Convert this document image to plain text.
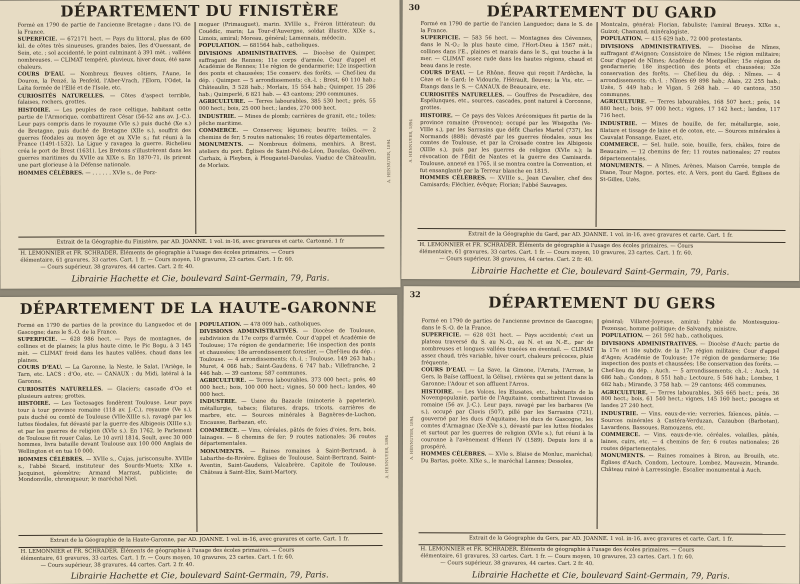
DÉPARTEMENT DU FINISTÈRE

Formé en 1790 de partie de l'ancienne Bretagne ; dans l'O. de la France.

SUPERFICIE. — 672171 hect. — Pays du littoral, plus de 600 kil. de côtes très sinueuses, grandes baies, îles d'Ouessant, de Sein, etc. ; sol accidenté, le point culminant à 391 mèt. ; vallées nombreuses. — CLIMAT tempéré, pluvieux, hiver doux, été sans chaleurs.

COURS D'EAU. — Nombreux fleuves côtiers, l'Aune, le Douron, la Penzé, la Penfeld, l'Aber-Vrach, l'Elorn, l'Odet, la Laïta formée de l'Ellé et de l'Isole, etc.

CURIOSITÉS NATURELLES. — Côtes d'aspect terrible, falaises, rochers, grottes.

HISTOIRE. — Les peuples de race celtique, habitant cette partie de l'Armorique, combattirent César (56-52 ans av. J.-C.). Leur pays compris dans le royaume (VIe s.) puis duché (Xe s.) de Bretagne, puis duché de Bretagne (XIIe s.), souffrit des guerres féodales au moyen âge et au XVIe s.; fut réuni à la France (1491-1532). La Ligue y ravagea la guerre. Richelieu créa le port de Brest (1631). Les Bretons s'illustrèrent dans les guerres maritimes du XVIIe au XIXe s. En 1870-71, ils prirent une part glorieuse à la Défense nationale.

HOMMES CÉLÈBRES. — . . . . . . XVIe s., de Porz-

moguer (Primauguet), marin. XVIIIe s., Fréron littérateur; du Couëdic, marin; La Tour-d'Auvergne, soldat illustre. XIXe s., Limoix, amiral; Moreau, général; Lamennais, médecin.

POPULATION. — 681564 hab., catholiques.

DIVISIONS ADMINISTRATIVES. — Diocèse de Quimper, suffragant de Rennes; 11e corps d'armée. Cour d'appel et Académie de Rennes; 11e région de gendarmerie; 12e inspection des ponts et chaussées; 15e conserv. des forêts. — Chef-lieu du dép. : Quimper. — 5 arrondissements; ch.-l. : Brest, 60 110 hab.; Châteaulin, 3 528 hab.; Morlaix, 15 554 hab.; Quimper, 15 286 hab.; Quimperlé, 6 821 hab. — 43 cantons; 290 communes.

AGRICULTURE. — Terres labourables, 385 530 hect.; prés, 55 000 hect.; bois, 25 000 hect.; landes, 270 000 hect.

INDUSTRIE. — Mines de plomb; carrières de granit, etc.; toiles; pêche maritime.

COMMERCE. — Conserves; légumes; beurre; toiles. — 2 chemins de fer; 5 routes nationales; 16 routes départementales.

MONUMENTS. — Nombreux dolmens, menhirs. A Brest, ateliers du port. Églises de Saint-Pol-de-Léon, Daoulas, Goëlven, Carhaix, à Pleyben, à Plougastel-Daoulas. Viaduc de Châteaulin, de Morlaix.	A. HENNUYER, 1894
Extrait de la Géographie du Finistère, par AD. JOANNE. 1 vol. in-16, avec gravures et carte. Cartonné. 1 fr
H. LEMONNIER et FR. SCHRADER. Éléments de géographie à l'usage des écoles primaires. — Cours
élémentaire, 61 gravures, 33 cartes. Cart. 1 fr. — Cours moyen, 10 gravures, 23 cartes. Cart. 1 fr. 60.
— Cours supérieur, 38 gravures, 44 cartes. Cart. 2 fr. 40.
Librairie Hachette et Cie, boulevard Saint-Germain, 79, Paris.
30	DÉPARTEMENT DU GARD

Formé en 1790 de partie de l'ancien Languedoc; dans le S. de la France.

SUPERFICIE. — 583 56 hect. — Montagnes des Cévennes, dans le N.-O.; la plus haute cime, l'Hort-Dieu à 1567 mèt.; collines dans l'E., plaines et marais dans le S., qui touche à la mer. — CLIMAT assez rude dans les hautes régions, chaud et beau dans le reste.

COURS D'EAU. — Le Rhône, fleuve qui reçoit l'Ardèche, la Cèze et le Gard; le Vidourle, l'Hérault, fleuves; la Vis, etc. — Étangs dans le S. — CANAUX de Beaucaire, etc.

CURIOSITÉS NATURELLES. — Gouffres de Pescadière, des Espélunques, etc., sources, cascades, pont naturel à Corconne, grottes.

HISTOIRE. — Ce pays des Volces Arécomiques fit partie de la province romaine (Provence); occupé par les Wisigoths (Ve-VIIIe s.), par les Sarrasins que défit Charles Martel (737), les Normands (888); dévasté par les guerres féodales, sous les comtes de Toulouse, et par la Croisade contre les Albigeois (XIIIe s.), puis par les guerres de religion (XVIe s.); la révocation de l'Édit de Nantes et la guerre des Camisards. Toulouse, annexé en 1765, il se montra contre la Convention, et fut ensanglanté par la Terreur blanche en 1815.

HOMMES CÉLÈBRES. — XVIIIe s., Jean Cavalier, chef des Camisards; Fléchier, évêque; Florian; l'abbé Sauvages.

Montcalm, général; Florian, fabuliste; l'amiral Brueys. XIXe s., Guizot; Chamand, minéralogiste.

POPULATION. — 415 629 hab., 72 000 protestants.

DIVISIONS ADMINISTRATIVES. — Diocèse de Nîmes, suffragant d'Avignon; Consistoire de Nîmes; 15e région militaire; Cour d'appel de Nîmes; Académie de Montpellier; 15e région de gendarmerie; 18e inspection des ponts et chaussées; 32e conservation des forêts. — Chef-lieu du dép. : Nîmes. — 4 arrondissements; ch.-l. : Nîmes 69 898 hab.; Alais, 22 255 hab.; Uzès, 5 449 hab.; le Vigan, 5 268 hab. — 40 cantons, 350 communes.

AGRICULTURE. — Terres labourables, 168 507 hect.; prés, 14 880 hect.; bois, 97 000 hect.; vignes, 17 142 hect.; landes, 117 716 hect.

INDUSTRIE. — Mines de houille, de fer, métallurgie, soie, filature et tissage de laine et de coton, etc. — Sources minérales à Cauvalat Fonsange, Euzet, etc.

COMMERCE. — Sel, huile, soie, houille, fers, châles, foire de Beaucaire. — 12 chemins de fer; 11 routes nationales; 27 routes départementales.

MONUMENTS. — A Nîmes, Arènes, Maison Carrée, temple de Diane, Tour Magne, portes, etc. A Vers, pont du Gard. Églises de St-Gilles, Uzès.

A. HENNUYER, 1894
Extrait de la Géographie du Gard, par AD. JOANNE. 1 vol. in-16, avec gravures et carte. Cart. 1 fr.
H. LEMONNIER et FR. SCHRADER. Éléments de géographie à l'usage des écoles primaires. — Cours
élémentaire, 61 gravures, 33 cartes. Cart. 1 fr. — Cours moyen, 10 gravures, 23 cartes. Cart. 1 fr. 60.
— Cours supérieur, 38 gravures, 44 cartes. Cart. 2 fr. 40.
Librairie Hachette et Cie, boulevard Saint-Germain, 79, Paris.
DÉPARTEMENT DE LA HAUTE-GARONNE

Formé en 1790 de parties de la province du Languedoc et de Gascogne; dans le S.-O. de la France.

SUPERFICIE. — 628 986 hect. — Pays de montagnes, de collines et de plaines; la plus haute cime, le Pic Bogu, à 3 145 mèt. — CLIMAT froid dans les hautes vallées, chaud dans les plaines.

COURS D'EAU. — La Garonne, la Neste, le Salat, l'Ariège, le Tarn, etc. LACS : d'Oo, etc. — CANAUX : du Midi, latéral à la Garonne.

CURIOSITÉS NATURELLES. — Glaciers; cascade d'Oo et plusieurs autres; grottes.

HISTOIRE. — Les Tectosages fondèrent Toulouse. Leur pays tour à tour province romaine (118 av. J.-C.), royaume (Ve s.), puis duché ou comté de Toulouse (VIIe-XIIIe s.), ravagé par les luttes féodales, fut dévasté par la guerre des Albigeois (XIIIe s.); et par les guerres de religion (XVIe s.). En 1762, le Parlement de Toulouse fit rouer Calas. Le 10 avril 1814, Soult, avec 30 000 hommes, livra bataille devant Toulouse aux 100 000 Anglais de Wellington et en tua 10 000.

HOMMES CÉLÈBRES. — XVIIe s., Cujas, jurisconsulte. XVIIIe s., l'abbé Sicard, instituteur des Sourds-Muets; XIXe s. Jacquinot, géomètre; Armand Marrast, publiciste; de Mondonville, chroniqueur; le maréchal Niel.

POPULATION. — 478 009 hab., catholiques.

DIVISIONS ADMINISTRATIVES. — Diocèse de Toulouse, subdivision du 17e corps d'armée. Cour d'appel et Académie de Toulouse; 17e région de gendarmerie; 16e inspection des ponts et chaussées; 18e arrondissement forestier. — Chef-lieu du dép. : Toulouse. — 4 arrondissements; ch.-l. : Toulouse, 149 263 hab.; Muret, 4 066 hab.; Saint-Gaudens, 6 747 hab.; Villefranche, 2 446 hab. — 39 cantons; 587 communes.

AGRICULTURE. — Terres labourables, 373 000 hect.; prés, 40 000 hect.; bois, 100 000 hect.; vignes, 50 000 hect.; landes, 40 000 hect.

INDUSTRIE. — Usine du Bazacle (minoterie à papeterie), métallurgie, tabacs; filatures, draps, tricots, carrières de marbre, etc. — Sources minérales à Bagnères-de-Luchon, Encausse, Barbazan, etc.

COMMERCE. — Vins, céréales, pâtés de foies d'oies, fers, bois, lainages. — 8 chemins de fer; 9 routes nationales; 36 routes départementales.

MONUMENTS. — Ruines romaines à Saint-Bertrand, à Labarthe-de-Rivière. Églises de Toulouse, Saint-Bertrand, Saint-Aventin, Saint-Gaudens, Valcabrère. Capitole de Toulouse. Château à Saint-Elix, Saint-Martory.	A. HENNUYER, 1894
Extrait de la Géographie de la Haute-Garonne, par AD. JOANNE. 1 vol. in-16, avec gravures et carte. Cart. 1 fr.
H. LEMONNIER et FR. SCHRADER. Éléments de géographie à l'usage des écoles primaires. — Cours
élémentaire, 61 gravures, 33 cartes. Cart. 1 fr. — Cours moyen, 10 gravures, 23 cartes. Cart. 1 fr. 60.
— Cours supérieur, 38 gravures, 44 cartes. Cart. 2 fr. 40.
Librairie Hachette et Cie, boulevard Saint-Germain, 79, Paris.
32	DÉPARTEMENT DU GERS

Formé en 1790 de parties de l'ancienne province de Gascogne; dans le S.-O. de la France.

SUPERFICIE. — 628 031 hect. — Pays accidenté; c'est un plateau traversé du S. au N.-O., au N. et au N.-E., par de nombreuses et longues vallées tracées en éventail. — CLIMAT assez chaud, très variable, hiver court, chaleurs précoces, pluie fréquente.

COURS D'EAU. — La Save, la Gimone, l'Arrats, l'Arrose, le Gers, la Baïse (affluent, la Gélise), rivières qui se jettent dans la Garonne; l'Adour et son affluent l'Arros.

HISTOIRE. — Les Volces, les Elusates, etc., habitants de la Novempopulanie, partie de l'Aquitaine, combattirent l'invasion romaine (56 av. J.-C.). Leur pays, ravagé par les barbares (Ve s.), occupé par Clovis (507), pillé par les Sarrasins (721), gouverné par les ducs d'Aquitaine, les ducs de Gascogne, les comtes d'Armagnac (Xe-XVe s.), dévasté par les luttes féodales et surtout par les guerres de religion (XVIe s.), fut réuni à la couronne à l'avènement d'Henri IV (1589). Depuis lors il a prospéré.

HOMMES CÉLÈBRES. — XVIe s. Blaise de Monluc, maréchal; Du Bartas, poète. XIXe s., le maréchal Lannes; Dessoles,

général; Villaret-Joyeuse, amiral; l'abbé de Montesquiou-Fezensac, homme politique; de Salvandy, ministre.

POPULATION. — 261 592 hab., catholiques.

DIVISIONS ADMINISTRATIVES. — Diocèse d'Auch; partie de la 17e et 18e subdiv. de la 17e région militaire; Cour d'appel d'Agen; Académie de Toulouse; 17e région de gendarmerie; 16e inspection des ponts et chaussées; 18e conservation des forêts. — Chef-lieu du dép. : Auch. — 5 arrondissements; ch.-l. : Auch, 14 686 hab.; Condom, 8 551 hab.; Lectoure, 5 546 hab.; Lombez, 1 682 hab.; Mirande, 3 758 hab. — 29 cantons; 465 communes.

AGRICULTURE. — Terres labourables, 365 665 hect.; prés, 36 800 hect.; bois, 61 540 hect.; vignes, 145 160 hect.; pacages et landes 27 240 hect.

INDUSTRIE. — Vins, eaux-de-vie; verreries, faïences, pâtés. — Sources minérales à Castéra-Verduzan, Cazaubon (Barbotan), Lavardens, Bassoues, Ramouzens, etc.

COMMERCE. — Vins, eaux-de-vie, céréales, volailles, pâtés, laines, cuirs, etc. — 4 chemins de fer; 6 routes nationales; 26 routes départementales.

MONUMENTS. — Ruines romaines à Biron, au Brouilh, etc. Églises d'Auch, Condom, Lectoure, Lombez, Mauvezin, Mirande. Château ruiné à Larressingle. Escalier monumental à Auch.

A. HENNUYER, 1894
Extrait de la Géographie du Gers, par AD. JOANNE. 1 vol. in-16, avec gravures et carte. Cart. 1 fr.
H. LEMONNIER et FR. SCHRADER. Éléments de géographie à l'usage des écoles primaires. — Cours
élémentaire, 61 gravures, 33 cartes. Cart. 1 fr. — Cours moyen, 10 gravures, 23 cartes. Cart. 1 fr. 60.
— Cours supérieur, 38 gravures, 44 cartes. Cart. 2 fr. 40.
Librairie Hachette et Cie, boulevard Saint-Germain, 79, Paris.
